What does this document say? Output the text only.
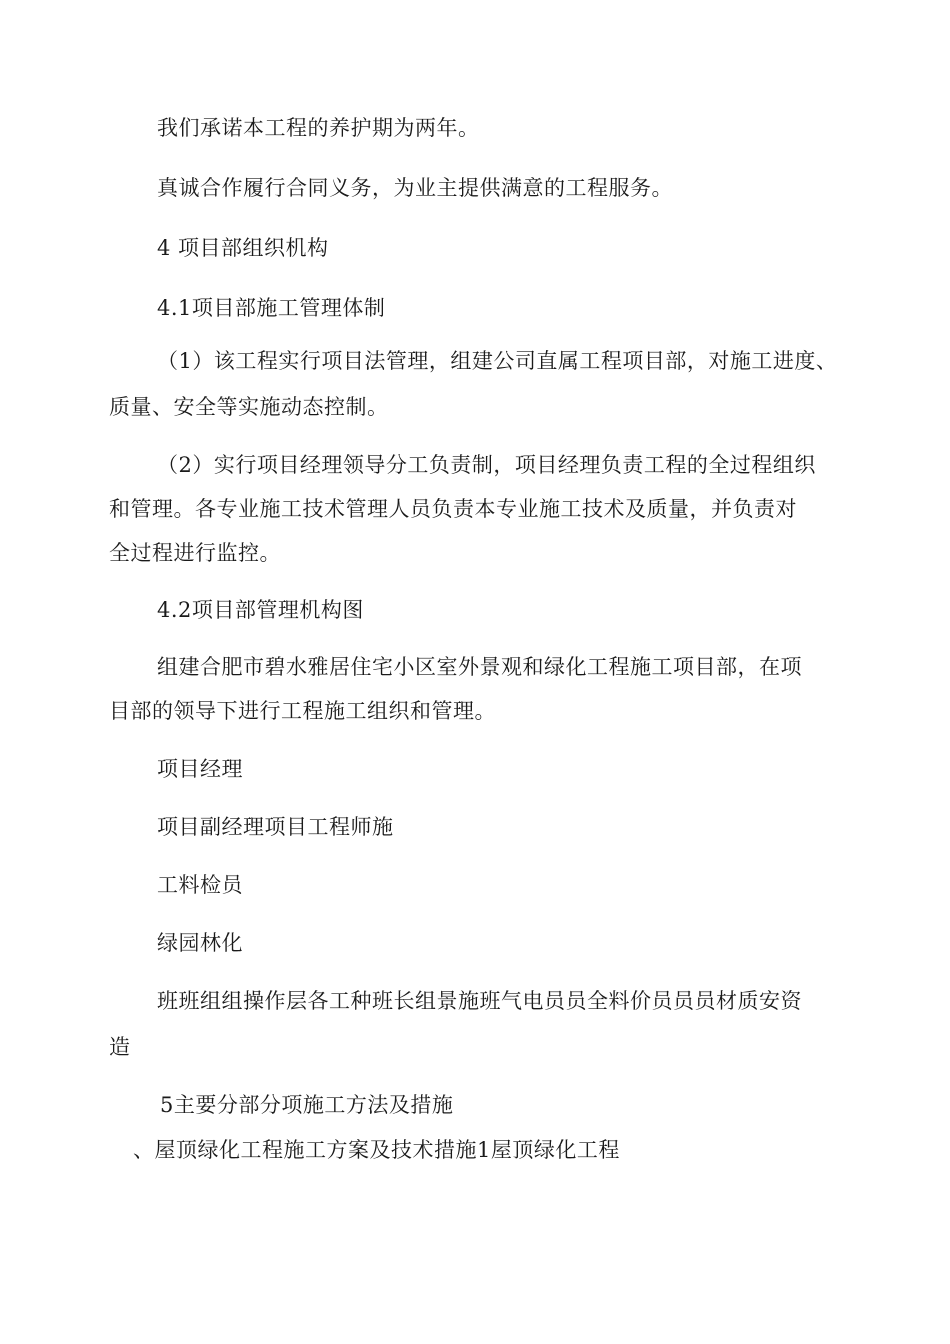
我们承诺本工程的养护期为两年。
真诚合作履行合同义务，为业主提供满意的工程服务。
4 项目部组织机构
4.1项目部施工管理体制
（1）该工程实行项目法管理，组建公司直属工程项目部，对施工进度、
质量、安全等实施动态控制。
（2）实行项目经理领导分工负责制，项目经理负责工程的全过程组织
和管理。各专业施工技术管理人员负责本专业施工技术及质量，并负责对
全过程进行监控。
4.2项目部管理机构图
组建合肥市碧水雅居住宅小区室外景观和绿化工程施工项目部，在项
目部的领导下进行工程施工组织和管理。
项目经理
项目副经理项目工程师施
工料检员
绿园林化
班班组组操作层各工种班长组景施班气电员员全料价员员员材质安资
造
5主要分部分项施工方法及措施
、屋顶绿化工程施工方案及技术措施1屋顶绿化工程
